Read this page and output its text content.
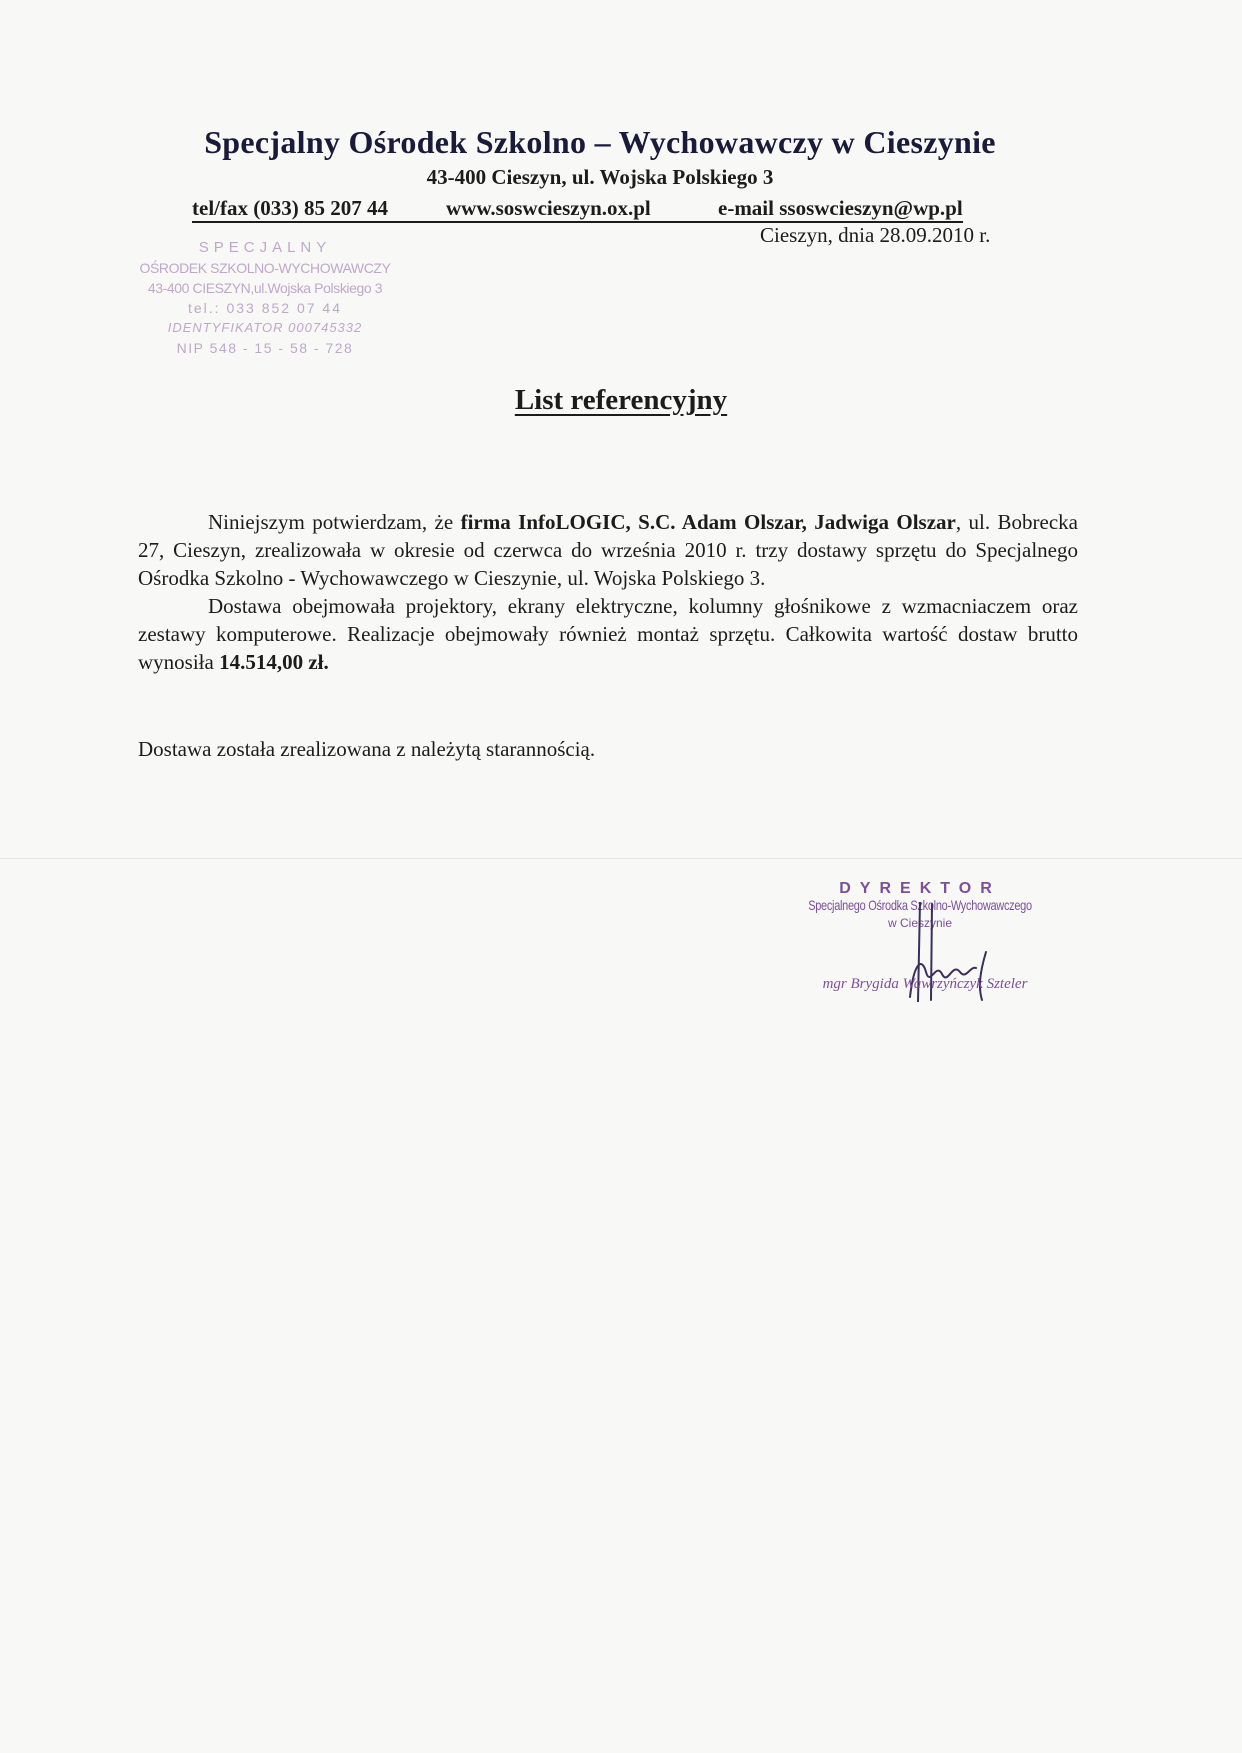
Specjalny Ośrodek Szkolno – Wychowawczy w Cieszynie
43-400 Cieszyn, ul. Wojska Polskiego 3
tel/fax (033) 85 207 44	www.soswcieszyn.ox.pl	e-mail ssoswcieszyn@wp.pl
Cieszyn, dnia 28.09.2010 r.
SPECJALNY
OŚRODEK SZKOLNO-WYCHOWAWCZY
43-400 CIESZYN,ul.Wojska Polskiego 3
tel.: 033 852 07 44
IDENTYFIKATOR 000745332
NIP 548 - 15 - 58 - 728
List referencyjny

Niniejszym potwierdzam, że firma InfoLOGIC, S.C. Adam Olszar, Jadwiga Olszar, ul. Bobrecka 27, Cieszyn, zrealizowała w okresie od czerwca do września 2010 r. trzy dostawy sprzętu do Specjalnego Ośrodka Szkolno - Wychowawczego w Cieszynie, ul. Wojska Polskiego 3.

Dostawa obejmowała projektory, ekrany elektryczne, kolumny głośnikowe z wzmacniaczem oraz zestawy komputerowe. Realizacje obejmowały również montaż sprzętu. Całkowita wartość dostaw brutto wynosiła 14.514,00 zł.

Dostawa została zrealizowana z należytą starannością.
DYREKTOR
Specjalnego Ośrodka Szkolno-Wychowawczego
w Cieszynie
mgr Brygida Wawrzyńczyk Szteler
